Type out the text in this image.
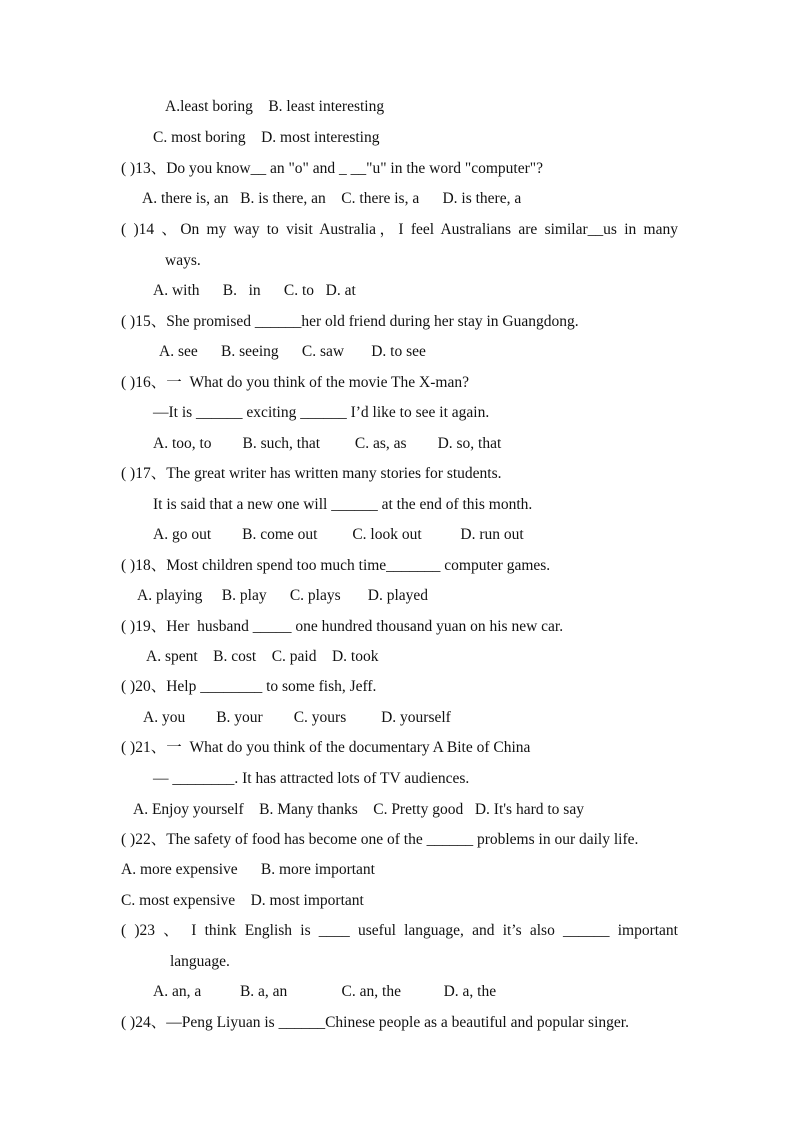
A.least boring    B. least interesting
C. most boring    D. most interesting
( )13、Do you know__ an "o" and _ __"u" in the word "computer"?
A. there is, an   B. is there, an    C. there is, a      D. is there, a
( )14 、On my way to visit Australia，I feel Australians are similar__us in many
ways.
A. with      B.   in      C. to   D. at
( )15、She promised ______her old friend during her stay in Guangdong.
A. see      B. seeing      C. saw       D. to see
( )16、一  What do you think of the movie The X-man?
—It is ______ exciting ______ I’d like to see it again.
A. too, to        B. such, that         C. as, as        D. so, that
( )17、The great writer has written many stories for students.
It is said that a new one will ______ at the end of this month.
A. go out        B. come out         C. look out          D. run out
( )18、Most children spend too much time_______ computer games.
A. playing     B. play      C. plays       D. played
( )19、Her  husband _____ one hundred thousand yuan on his new car.
A. spent    B. cost    C. paid    D. took
( )20、Help ________ to some fish, Jeff.
A. you        B. your        C. yours         D. yourself
( )21、一  What do you think of the documentary A Bite of China
— ________. It has attracted lots of TV audiences.
A. Enjoy yourself    B. Many thanks    C. Pretty good   D. It's hard to say
( )22、The safety of food has become one of the ______ problems in our daily life.
A. more expensive      B. more important
C. most expensive    D. most important
( )23 、 I think English is ____ useful language, and it’s also ______ important
language.
A. an, a          B. a, an              C. an, the           D. a, the
( )24、—Peng Liyuan is ______Chinese people as a beautiful and popular singer.
